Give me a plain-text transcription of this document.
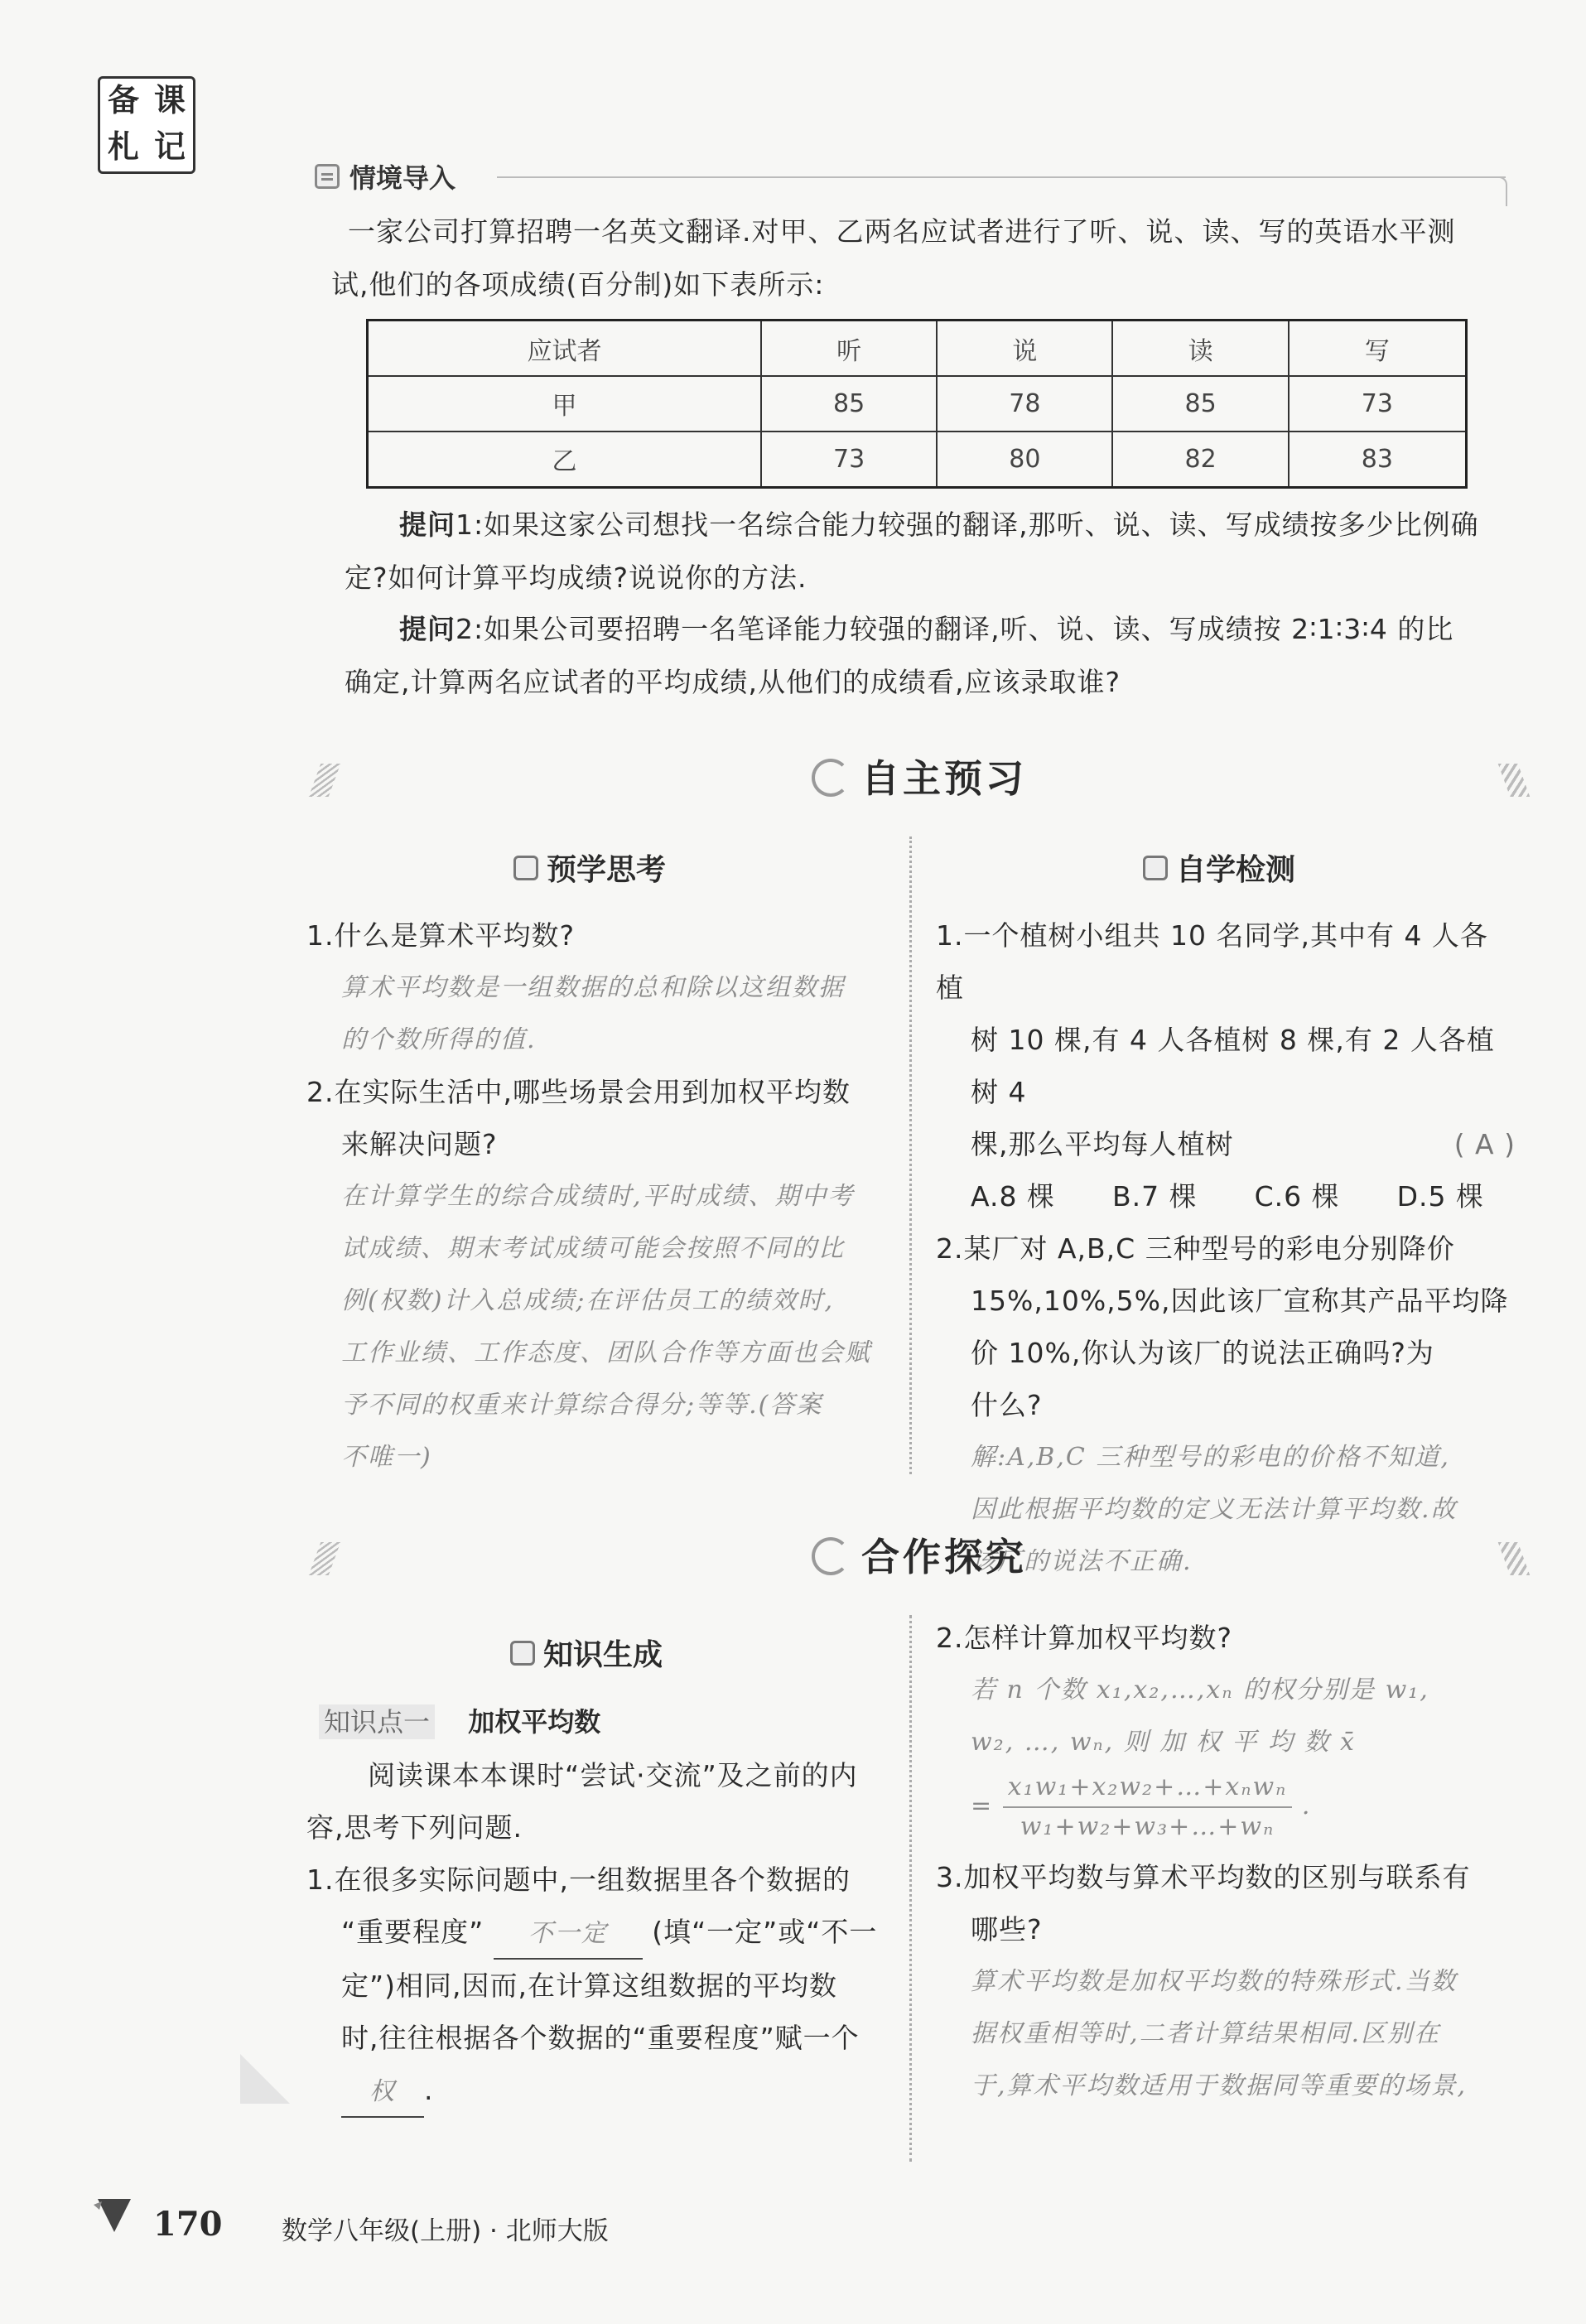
备 课
札 记
情境导入
一家公司打算招聘一名英文翻译.对甲、乙两名应试者进行了听、说、读、写的英语水平测
试,他们的各项成绩(百分制)如下表所示:
应试者	听	说	读	写
甲	85	78	85	73
乙	73	80	82	83
提问1:如果这家公司想找一名综合能力较强的翻译,那听、说、读、写成绩按多少比例确
定?如何计算平均成绩?说说你的方法.
提问2:如果公司要招聘一名笔译能力较强的翻译,听、说、读、写成绩按 2∶1∶3∶4 的比
确定,计算两名应试者的平均成绩,从他们的成绩看,应该录取谁?
自主预习
预学思考
1.什么是算术平均数?
算术平均数是一组数据的总和除以这组数据
的个数所得的值.
2.在实际生活中,哪些场景会用到加权平均数
来解决问题?
在计算学生的综合成绩时,平时成绩、期中考
试成绩、期末考试成绩可能会按照不同的比
例(权数)计入总成绩;在评估员工的绩效时,
工作业绩、工作态度、团队合作等方面也会赋
予不同的权重来计算综合得分;等等.(答案
不唯一)
自学检测
1.一个植树小组共 10 名同学,其中有 4 人各植
树 10 棵,有 4 人各植树 8 棵,有 2 人各植树 4
棵,那么平均每人植树	( A )
A.8 棵 B.7 棵 C.6 棵 D.5 棵
2.某厂对 A,B,C 三种型号的彩电分别降价
15%,10%,5%,因此该厂宣称其产品平均降
价 10%,你认为该厂的说法正确吗?为
什么?
解:A,B,C 三种型号的彩电的价格不知道,
因此根据平均数的定义无法计算平均数.故
该厂的说法不正确.
合作探究
知识生成
知识点一 加权平均数
阅读课本本课时“尝试·交流”及之前的内
容,思考下列问题.
1.在很多实际问题中,一组数据里各个数据的
“重要程度” 不一定 (填“一定”或“不一
定”)相同,因而,在计算这组数据的平均数
时,往往根据各个数据的“重要程度”赋一个
权 .
2.怎样计算加权平均数?
若 n 个数 x₁,x₂,…,xₙ 的权分别是 w₁,
w₂, …, wₙ, 则 加 权 平 均 数 x̄
= $\frac{\text{x₁w₁+x₂w₂+…+xₙwₙ}}{\text{w₁+w₂+w₃+…+wₙ}}$ .
3.加权平均数与算术平均数的区别与联系有
哪些?
算术平均数是加权平均数的特殊形式.当数
据权重相等时,二者计算结果相同.区别在
于,算术平均数适用于数据同等重要的场景,
170 数学八年级(上册) · 北师大版
